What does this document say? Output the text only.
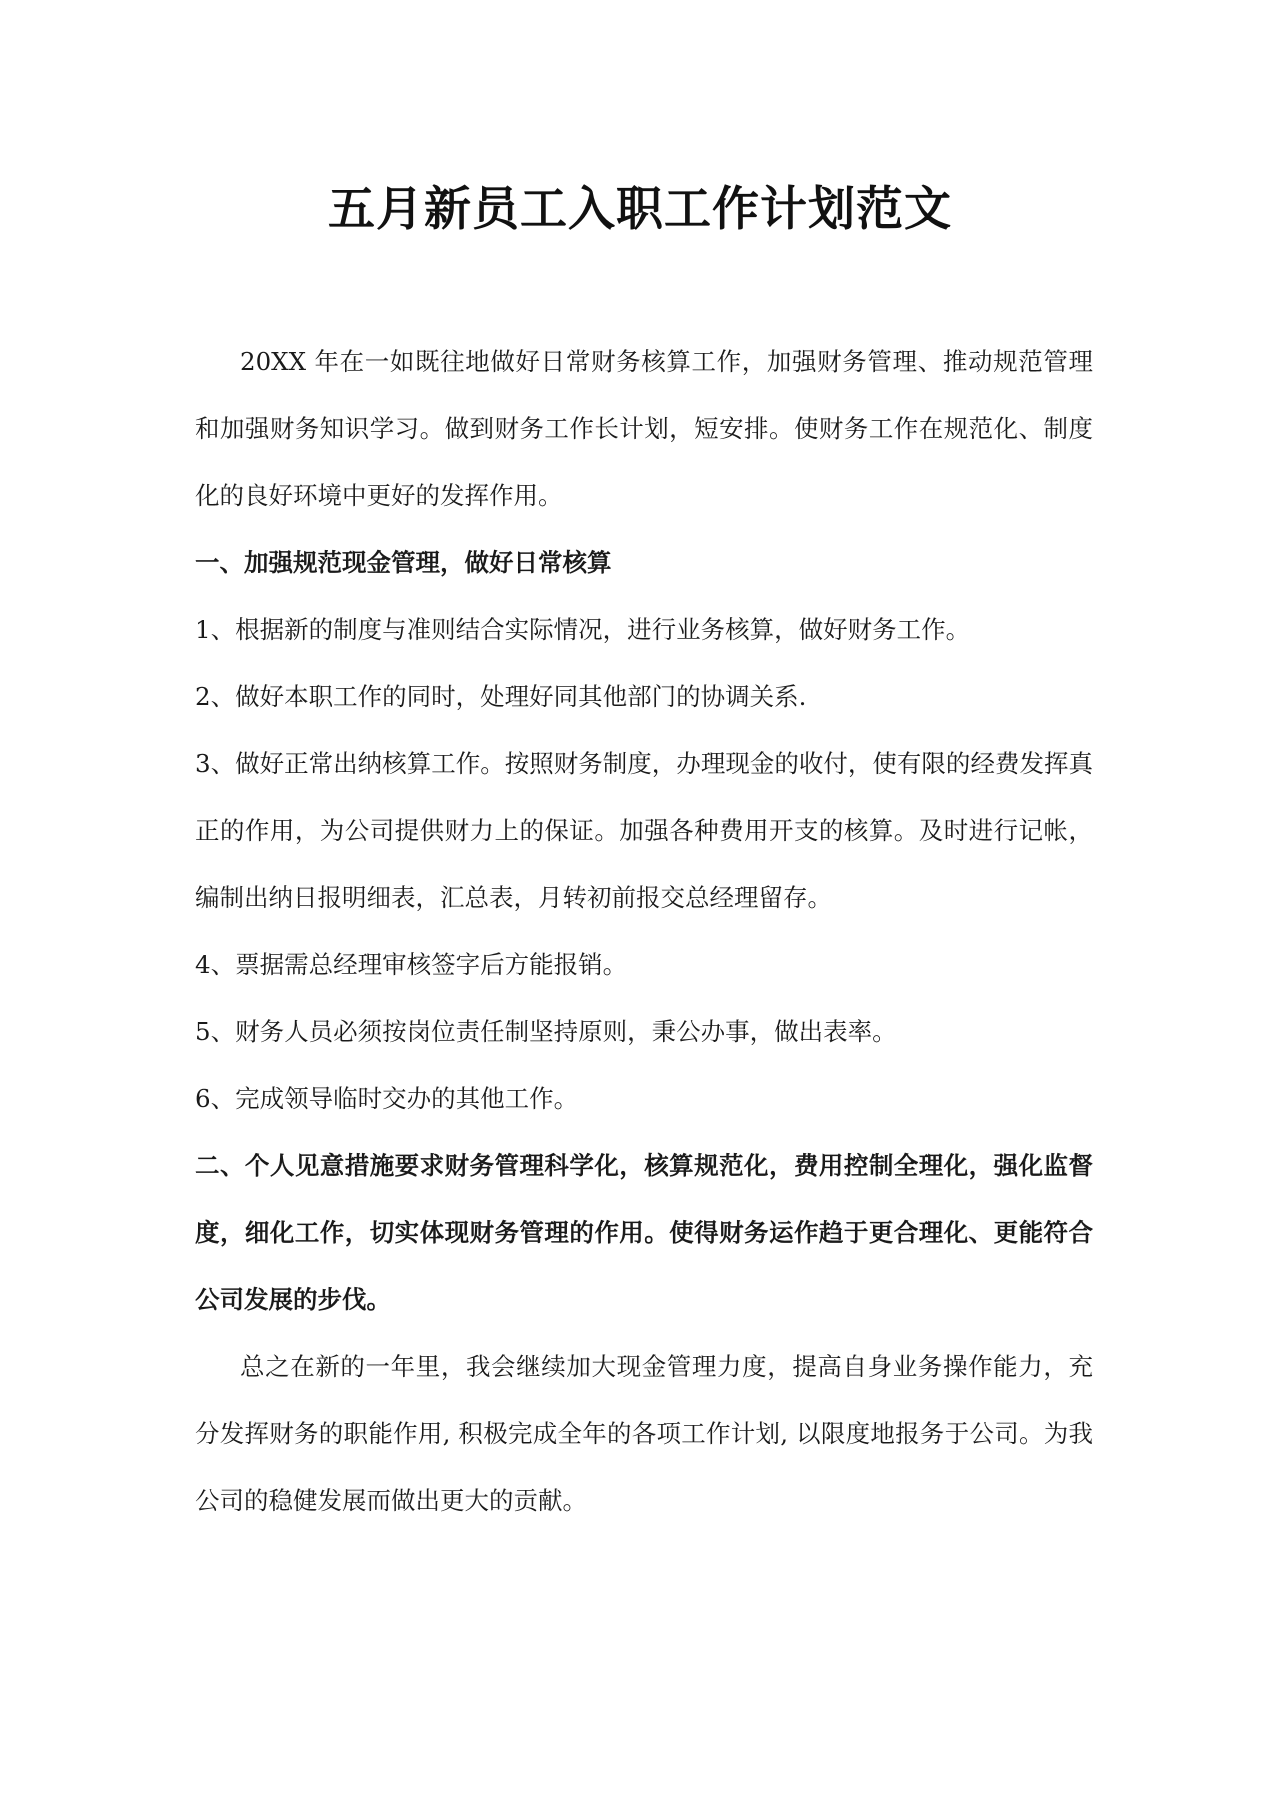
五月新员工入职工作计划范文

20XX 年在一如既往地做好日常财务核算工作，加强财务管理、推动规范管理和加强财务知识学习。做到财务工作长计划，短安排。使财务工作在规范化、制度化的良好环境中更好的发挥作用。

一、加强规范现金管理，做好日常核算

1、根据新的制度与准则结合实际情况，进行业务核算，做好财务工作。

2、做好本职工作的同时，处理好同其他部门的协调关系.

3、做好正常出纳核算工作。按照财务制度，办理现金的收付，使有限的经费发挥真正的作用，为公司提供财力上的保证。加强各种费用开支的核算。及时进行记帐，编制出纳日报明细表，汇总表，月转初前报交总经理留存。

4、票据需总经理审核签字后方能报销。

5、财务人员必须按岗位责任制坚持原则，秉公办事，做出表率。

6、完成领导临时交办的其他工作。

二、个人见意措施要求财务管理科学化，核算规范化，费用控制全理化，强化监督度，细化工作，切实体现财务管理的作用。使得财务运作趋于更合理化、更能符合公司发展的步伐。

总之在新的一年里，我会继续加大现金管理力度，提高自身业务操作能力，充分发挥财务的职能作用, 积极完成全年的各项工作计划, 以限度地报务于公司。为我公司的稳健发展而做出更大的贡献。
